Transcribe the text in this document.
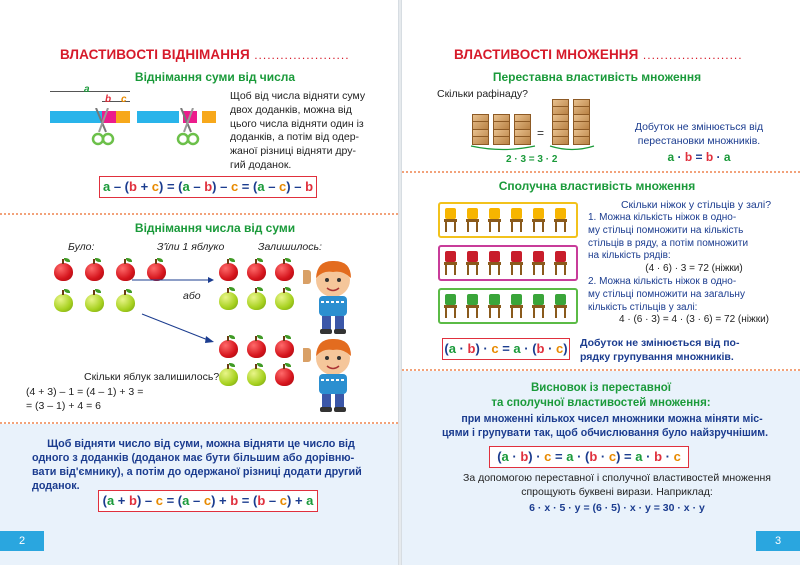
ВЛАСТИВОСТІ ВІДНІМАННЯ ......................
Віднімання суми від числа
a
b c	Щоб від числа відняти суму
двох доданків, можна від
цього числа відняти один із
доданків, а потім від одер-
жаної різниці відняти дру-
гий доданок.
a – (b + c) = (a – b) – c = (a – c) – b
Віднімання числа від суми
Було:	З'їли 1 яблуко	Залишилось:
або
Скільки яблук залишилось?
(4 + 3) – 1 = (4 – 1) + 3 =
= (3 – 1) + 4 = 6
Щоб відняти число від суми, можна відняти це число від
одного з доданків (доданок має бути більшим або дорівню-
вати від'ємнику), а потім до одержаної різниці додати другий
доданок.
(a + b) – c = (a – c) + b = (b – c) + a
2
ВЛАСТИВОСТІ МНОЖЕННЯ .......................
Переставна властивість множення
Скільки рафінаду?
=
2 · 3 = 3 · 2
Добуток не змінюється від
перестановки множників.
a · b = b · a
Сполучна властивість множення
Скільки ніжок у стільців у залі?
1. Можна кількість ніжок в одно-
му стільці помножити на кількість
стільців в ряду, а потім помножити
на кількість рядів:
(4 · 6) · 3 = 72 (ніжки)
2. Можна кількість ніжок в одно-
му стільці помножити на загальну
кількість стільців у залі:
4 · (6 · 3) = 4 · (3 · 6) = 72 (ніжки)
(a · b) · c = a · (b · c) Добуток не змінюється від по-
рядку групування множників.
Висновок із переставної
та сполучної властивостей множення:
при множенні кількох чисел множники можна міняти міс-
цями і групувати так, щоб обчислювання було найзручнішим.
(a · b) · c = a · (b · c) = a · b · c
За допомогою переставної і сполучної властивостей множення
спрощують буквені вирази. Наприклад:
6 · x · 5 · y = (6 · 5) · x · y = 30 · x · y
3
